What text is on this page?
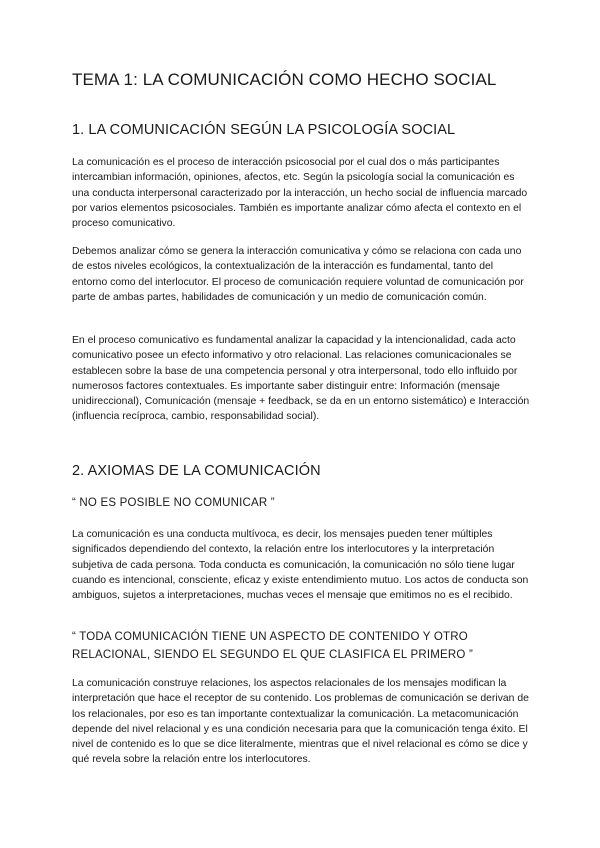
TEMA 1: LA COMUNICACIÓN COMO HECHO SOCIAL
1. LA COMUNICACIÓN SEGÚN LA PSICOLOGÍA SOCIAL

La comunicación es el proceso de interacción psicosocial por el cual dos o más participantes intercambian información, opiniones, afectos, etc. Según la psicología social la comunicación es una conducta interpersonal caracterizado por la interacción, un hecho social de influencia marcado por varios elementos psicosociales. También es importante analizar cómo afecta el contexto en el proceso comunicativo.

Debemos analizar cómo se genera la interacción comunicativa y cómo se relaciona con cada uno de estos niveles ecológicos, la contextualización de la interacción es fundamental, tanto del entorno como del interlocutor. El proceso de comunicación requiere voluntad de comunicación por parte de ambas partes, habilidades de comunicación y un medio de comunicación común.

En el proceso comunicativo es fundamental analizar la capacidad y la intencionalidad, cada acto comunicativo posee un efecto informativo y otro relacional. Las relaciones comunicacionales se establecen sobre la base de una competencia personal y otra interpersonal, todo ello influido por numerosos factores contextuales. Es importante saber distinguir entre: Información (mensaje unidireccional), Comunicación (mensaje + feedback, se da en un entorno sistemático) e Interacción (influencia recíproca, cambio, responsabilidad social).

2. AXIOMAS DE LA COMUNICACIÓN

“ NO ES POSIBLE NO COMUNICAR ”

La comunicación es una conducta multívoca, es decir, los mensajes pueden tener múltiples significados dependiendo del contexto, la relación entre los interlocutores y la interpretación subjetiva de cada persona. Toda conducta es comunicación, la comunicación no sólo tiene lugar cuando es intencional, consciente, eficaz y existe entendimiento mutuo. Los actos de conducta son ambiguos, sujetos a interpretaciones, muchas veces el mensaje que emitimos no es el recibido.

“ TODA COMUNICACIÓN TIENE UN ASPECTO DE CONTENIDO Y OTRO RELACIONAL, SIENDO EL SEGUNDO EL QUE CLASIFICA EL PRIMERO ”

La comunicación construye relaciones, los aspectos relacionales de los mensajes modifican la interpretación que hace el receptor de su contenido. Los problemas de comunicación se derivan de los relacionales, por eso es tan importante contextualizar la comunicación. La metacomunicación depende del nivel relacional y es una condición necesaria para que la comunicación tenga éxito. El nivel de contenido es lo que se dice literalmente, mientras que el nivel relacional es cómo se dice y qué revela sobre la relación entre los interlocutores.
